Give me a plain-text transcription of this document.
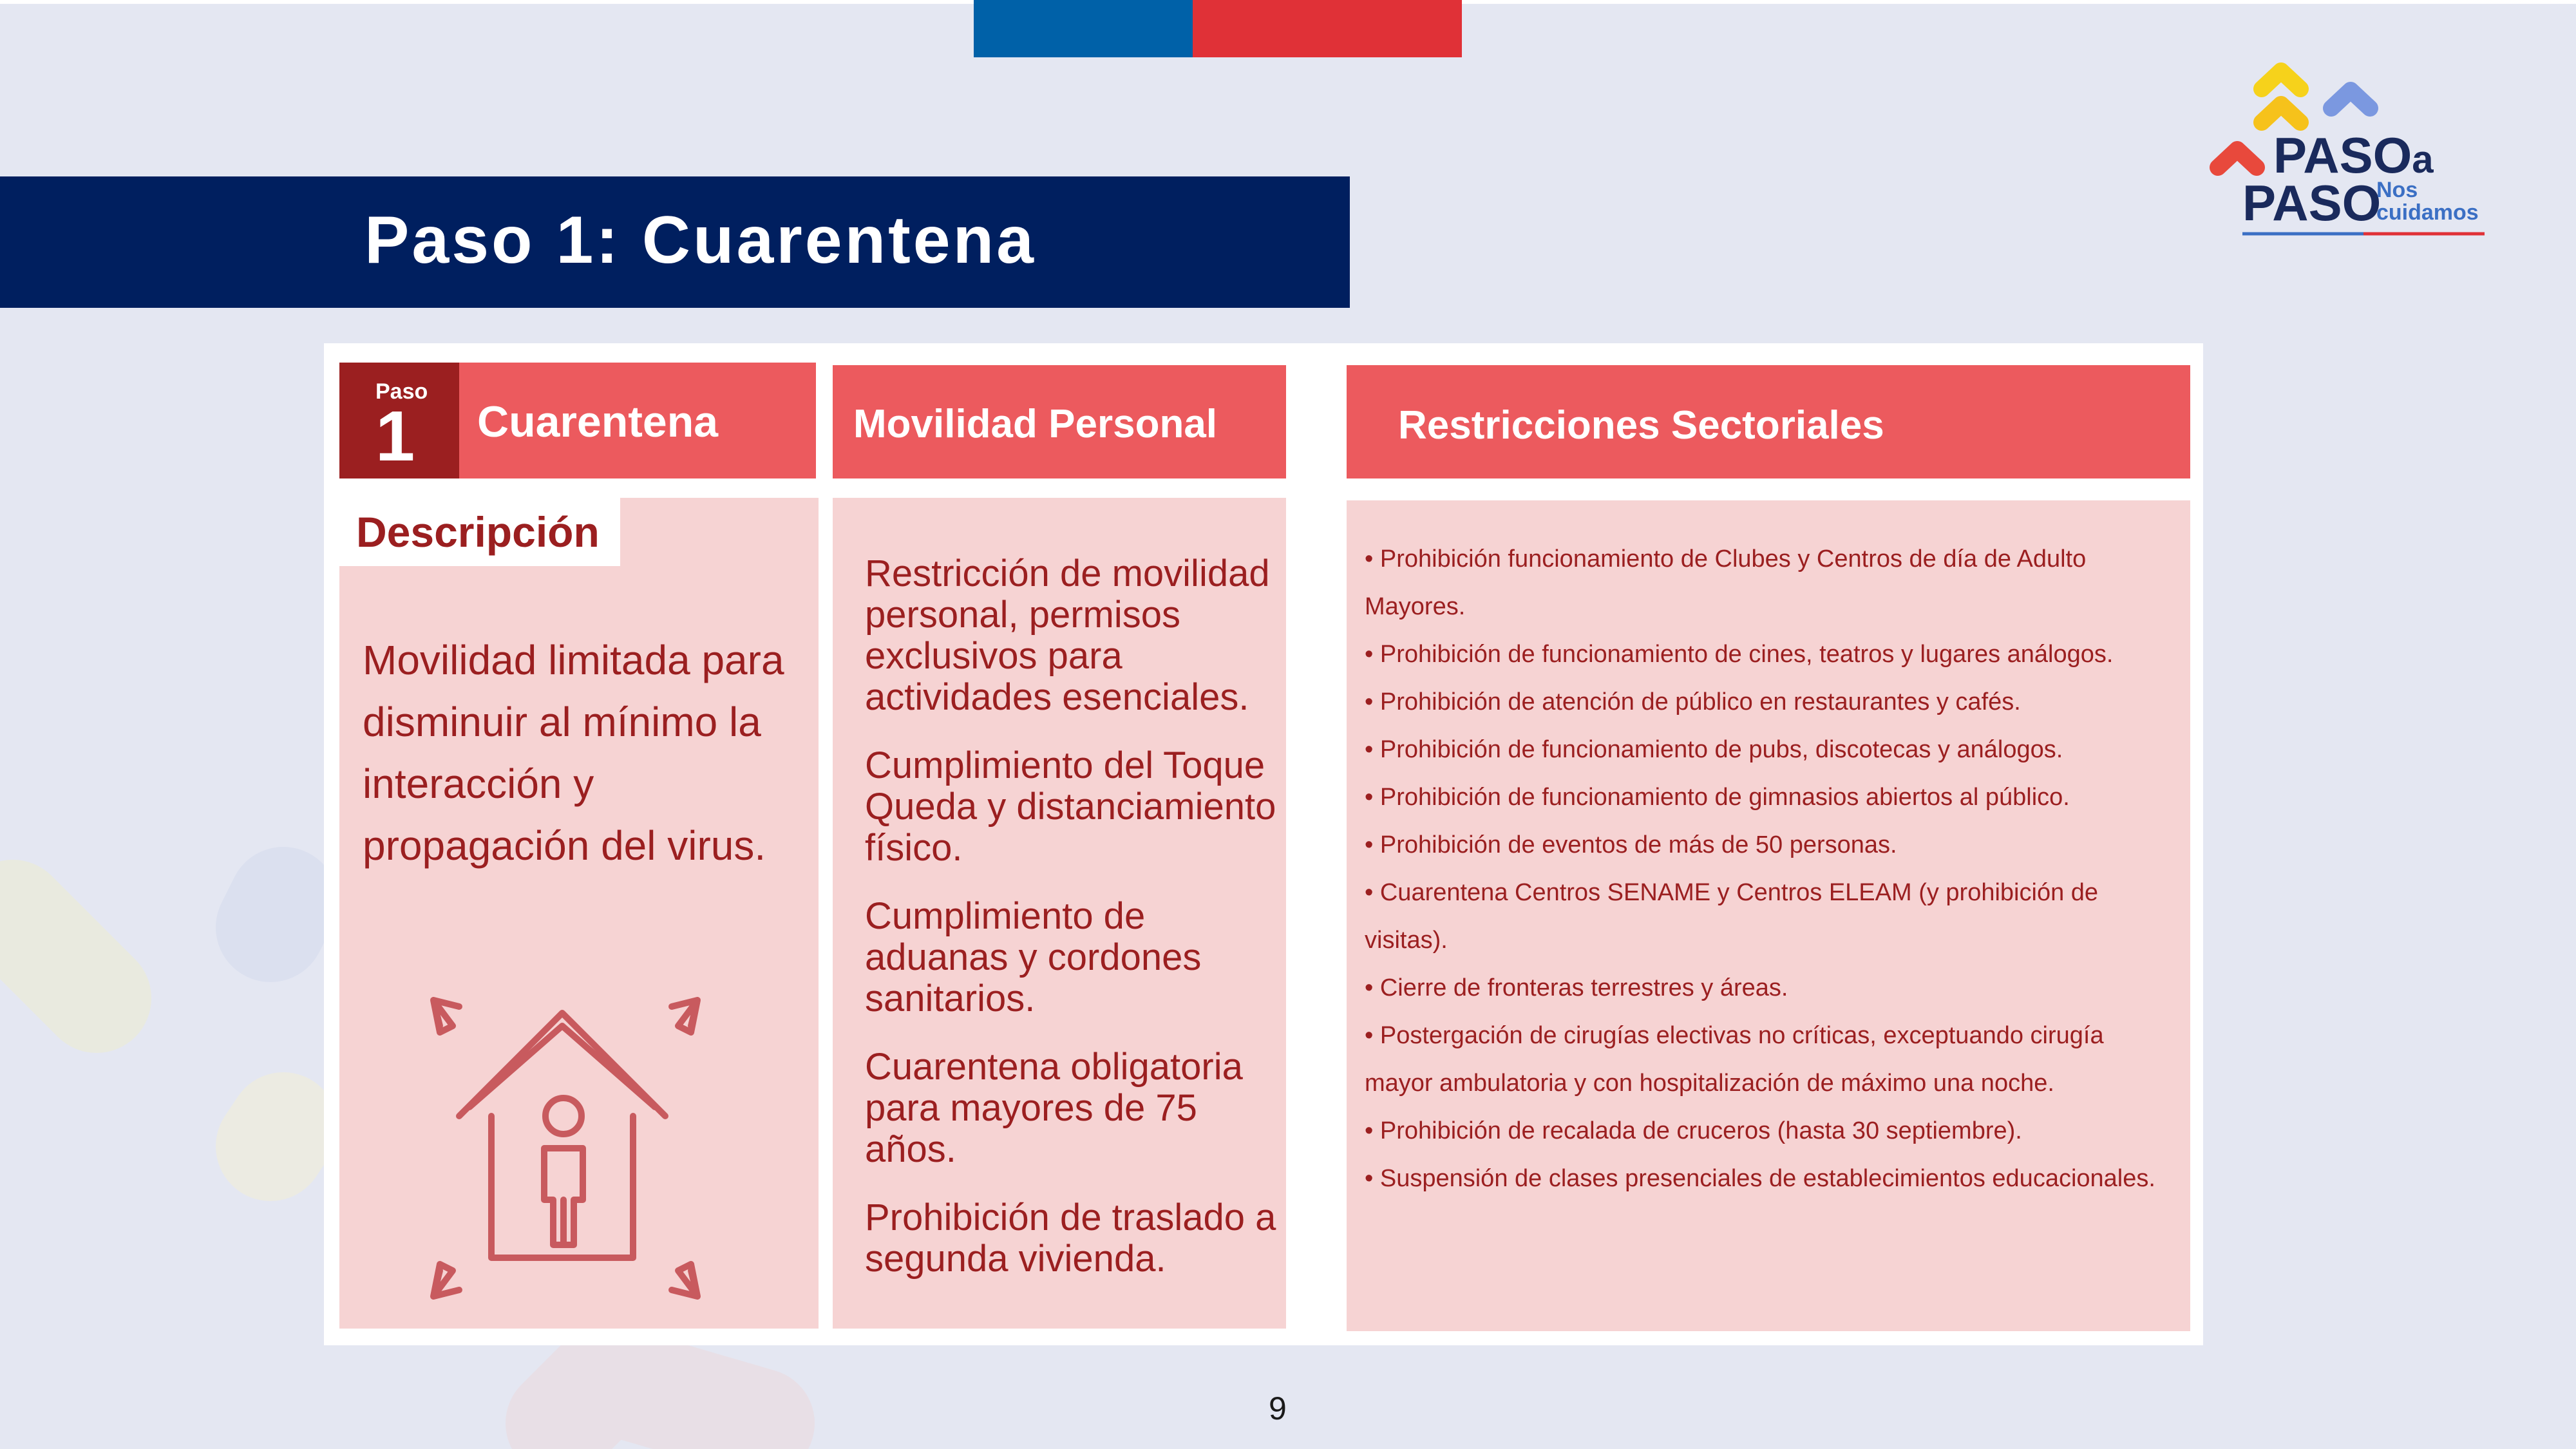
Paso 1: Cuarentena
PASOa
PASO
Nos
cuidamos
Paso
1 Cuarentena	Movilidad Personal	Restricciones Sectoriales
Descripción
Movilidad limitada para disminuir al mínimo la interacción y propagación del virus.
Restricción de movilidad personal, permisos exclusivos para actividades esenciales.
Cumplimiento del Toque Queda y distanciamiento físico.
Cumplimiento de aduanas y cordones sanitarios.
Cuarentena obligatoria para mayores de 75 años.
Prohibición de traslado a segunda vivienda.
• Prohibición funcionamiento de Clubes y Centros de día de Adulto Mayores.
• Prohibición de funcionamiento de cines, teatros y lugares análogos.
• Prohibición de atención de público en restaurantes y cafés.
• Prohibición de funcionamiento de pubs, discotecas y análogos.
• Prohibición de funcionamiento de gimnasios abiertos al público.
• Prohibición de eventos de más de 50 personas.
• Cuarentena Centros SENAME y Centros ELEAM (y prohibición de visitas).
• Cierre de fronteras terrestres y áreas.
• Postergación de cirugías electivas no críticas, exceptuando cirugía mayor ambulatoria y con hospitalización de máximo una noche.
• Prohibición de recalada de cruceros (hasta 30 septiembre).
• Suspensión de clases presenciales de establecimientos educacionales.
9
